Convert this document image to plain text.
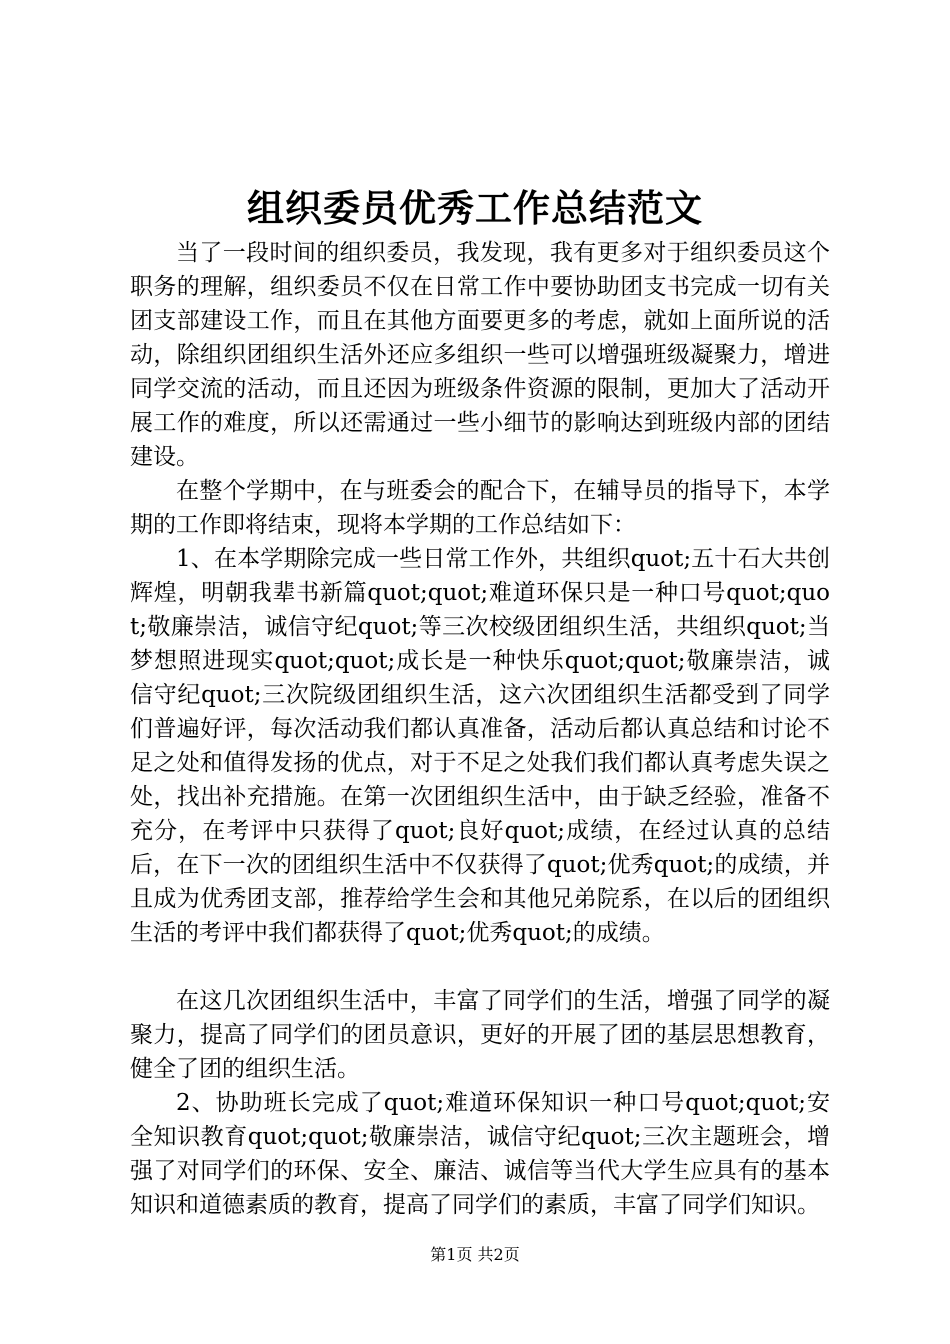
组织委员优秀工作总结范文

当了一段时间的组织委员，我发现，我有更多对于组织委员这个职务的理解，组织委员不仅在日常工作中要协助团支书完成一切有关团支部建设工作，而且在其他方面要更多的考虑，就如上面所说的活动，除组织团组织生活外还应多组织一些可以增强班级凝聚力，增进同学交流的活动，而且还因为班级条件资源的限制，更加大了活动开展工作的难度，所以还需通过一些小细节的影响达到班级内部的团结建设。

在整个学期中，在与班委会的配合下，在辅导员的指导下，本学期的工作即将结束，现将本学期的工作总结如下：

1、在本学期除完成一些日常工作外，共组织quot;五十石大共创辉煌，明朝我辈书新篇quot;quot;难道环保只是一种口号quot;quot;敬廉崇洁，诚信守纪quot;等三次校级团组织生活，共组织quot;当梦想照进现实quot;quot;成长是一种快乐quot;quot;敬廉崇洁，诚信守纪quot;三次院级团组织生活，这六次团组织生活都受到了同学们普遍好评，每次活动我们都认真准备，活动后都认真总结和讨论不足之处和值得发扬的优点，对于不足之处我们我们都认真考虑失误之处，找出补充措施。在第一次团组织生活中，由于缺乏经验，准备不充分，在考评中只获得了quot;良好quot;成绩，在经过认真的总结后，在下一次的团组织生活中不仅获得了quot;优秀quot;的成绩，并且成为优秀团支部，推荐给学生会和其他兄弟院系，在以后的团组织生活的考评中我们都获得了quot;优秀quot;的成绩。

在这几次团组织生活中，丰富了同学们的生活，增强了同学的凝聚力，提高了同学们的团员意识，更好的开展了团的基层思想教育，健全了团的组织生活。

2、协助班长完成了quot;难道环保知识一种口号quot;quot;安全知识教育quot;quot;敬廉崇洁，诚信守纪quot;三次主题班会，增强了对同学们的环保、安全、廉洁、诚信等当代大学生应具有的基本知识和道德素质的教育，提高了同学们的素质，丰富了同学们知识。

第1页 共2页
